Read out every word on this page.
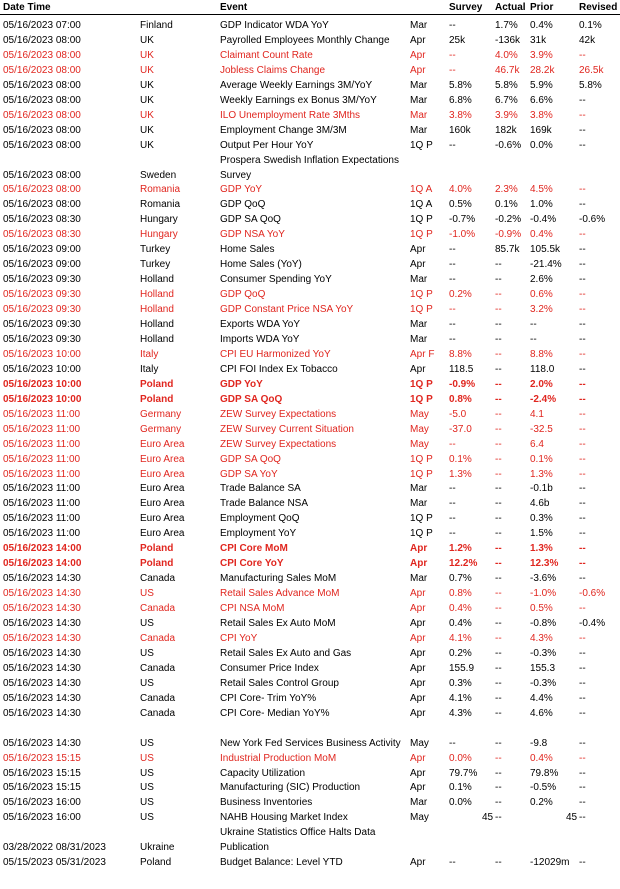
Date Time	Event	Survey Actual Prior	Revised
05/16/2023 07:00	Finland	GDP Indicator WDA YoY	Mar --	1.7% 0.4%	0.1%
05/16/2023 08:00	UK	Payrolled Employees Monthly Change Apr 25k	-136k 31k	42k
05/16/2023 08:00	UK	Claimant Count Rate	Apr --	4.0% 3.9%	--
05/16/2023 08:00	UK	Jobless Claims Change	Apr --	46.7k 28.2k 26.5k
05/16/2023 08:00	UK	Average Weekly Earnings 3M/YoY	Mar 5.8% 5.8% 5.9%	5.8%
05/16/2023 08:00	UK	Weekly Earnings ex Bonus 3M/YoY	Mar 6.8% 6.7% 6.6%	--
05/16/2023 08:00	UK	ILO Unemployment Rate 3Mths	Mar 3.8% 3.9% 3.8%	--
05/16/2023 08:00	UK	Employment Change 3M/3M	Mar 160k 182k 169k	--
05/16/2023 08:00	UK	Output Per Hour YoY	1Q P --	-0.6% 0.0%	--
05/16/2023 08:00	Sweden
Prospera Swedish Inflation Expectations
Survey
05/16/2023 08:00	Romania	GDP YoY	1Q A 4.0% 2.3% 4.5%	--
05/16/2023 08:00	Romania	GDP QoQ	1Q A 0.5% 0.1% 1.0%	--
05/16/2023 08:30	Hungary	GDP SA QoQ	1Q P -0.7% -0.2% -0.4% -0.6%
05/16/2023 08:30	Hungary	GDP NSA YoY	1Q P -1.0% -0.9% 0.4%	--
05/16/2023 09:00	Turkey	Home Sales	Apr --	85.7k 105.5k --
05/16/2023 09:00	Turkey	Home Sales (YoY)	Apr --	--	-21.4% --
05/16/2023 09:30	Holland	Consumer Spending YoY	Mar --	--	2.6%	--
05/16/2023 09:30	Holland	GDP QoQ	1Q P 0.2% --	0.6%	--
05/16/2023 09:30	Holland	GDP Constant Price NSA YoY	1Q P --	--	3.2%	--
05/16/2023 09:30	Holland	Exports WDA YoY	Mar --	--	--	--
05/16/2023 09:30	Holland	Imports WDA YoY	Mar --	--	--	--
05/16/2023 10:00	Italy	CPI EU Harmonized YoY	Apr F 8.8% --	8.8%	--
05/16/2023 10:00	Italy	CPI FOI Index Ex Tobacco	Apr 118.5 --	118.0 --
05/16/2023 10:00	Poland	GDP YoY	1Q P -0.9% --	2.0%	--
05/16/2023 10:00	Poland	GDP SA QoQ	1Q P 0.8% --	-2.4% --
05/16/2023 11:00	Germany	ZEW Survey Expectations	May -5.0	--	4.1	--
05/16/2023 11:00	Germany	ZEW Survey Current Situation	May -37.0 --	-32.5	--
05/16/2023 11:00	Euro Area	ZEW Survey Expectations	May --	--	6.4	--
05/16/2023 11:00	Euro Area	GDP SA QoQ	1Q P 0.1% --	0.1%	--
05/16/2023 11:00	Euro Area	GDP SA YoY	1Q P 1.3% --	1.3%	--
05/16/2023 11:00	Euro Area	Trade Balance SA	Mar --	--	-0.1b	--
05/16/2023 11:00	Euro Area	Trade Balance NSA	Mar --	--	4.6b	--
05/16/2023 11:00	Euro Area	Employment QoQ	1Q P --	--	0.3%	--
05/16/2023 11:00	Euro Area	Employment YoY	1Q P --	--	1.5%	--
05/16/2023 14:00	Poland	CPI Core MoM	Apr 1.2% --	1.3%	--
05/16/2023 14:00	Poland	CPI Core YoY	Apr 12.2% --	12.3% --
05/16/2023 14:30	Canada	Manufacturing Sales MoM	Mar 0.7% --	-3.6% --
05/16/2023 14:30	US	Retail Sales Advance MoM	Apr 0.8% --	-1.0% -0.6%
05/16/2023 14:30	Canada	CPI NSA MoM	Apr 0.4% --	0.5%	--
05/16/2023 14:30	US	Retail Sales Ex Auto MoM	Apr 0.4% --	-0.8% -0.4%
05/16/2023 14:30	Canada	CPI YoY	Apr 4.1% --	4.3%	--
05/16/2023 14:30	US	Retail Sales Ex Auto and Gas	Apr 0.2% --	-0.3% --
05/16/2023 14:30	Canada	Consumer Price Index	Apr 155.9 --	155.3 --
05/16/2023 14:30	US	Retail Sales Control Group	Apr 0.3% --	-0.3% --
05/16/2023 14:30	Canada	CPI Core- Trim YoY%	Apr 4.1% --	4.4%	--
05/16/2023 14:30	Canada	CPI Core- Median YoY%	Apr 4.3% --	4.6%	--
05/16/2023 14:30	US	New York Fed Services Business Activity May --	--	-9.8	--
05/16/2023 15:15	US	Industrial Production MoM	Apr 0.0% --	0.4%	--
05/16/2023 15:15	US	Capacity Utilization	Apr 79.7% --	79.8% --
05/16/2023 15:15	US	Manufacturing (SIC) Production	Apr 0.1% --	-0.5% --
05/16/2023 16:00	US	Business Inventories	Mar 0.0% --	0.2%	--
05/16/2023 16:00	US	NAHB Housing Market Index	May	45 --	45 --
03/28/2022 08/31/2023	Ukraine
Ukraine Statistics Office Halts Data
Publication
05/15/2023 05/31/2023	Poland	Budget Balance: Level YTD	Apr --	--	-12029m --
